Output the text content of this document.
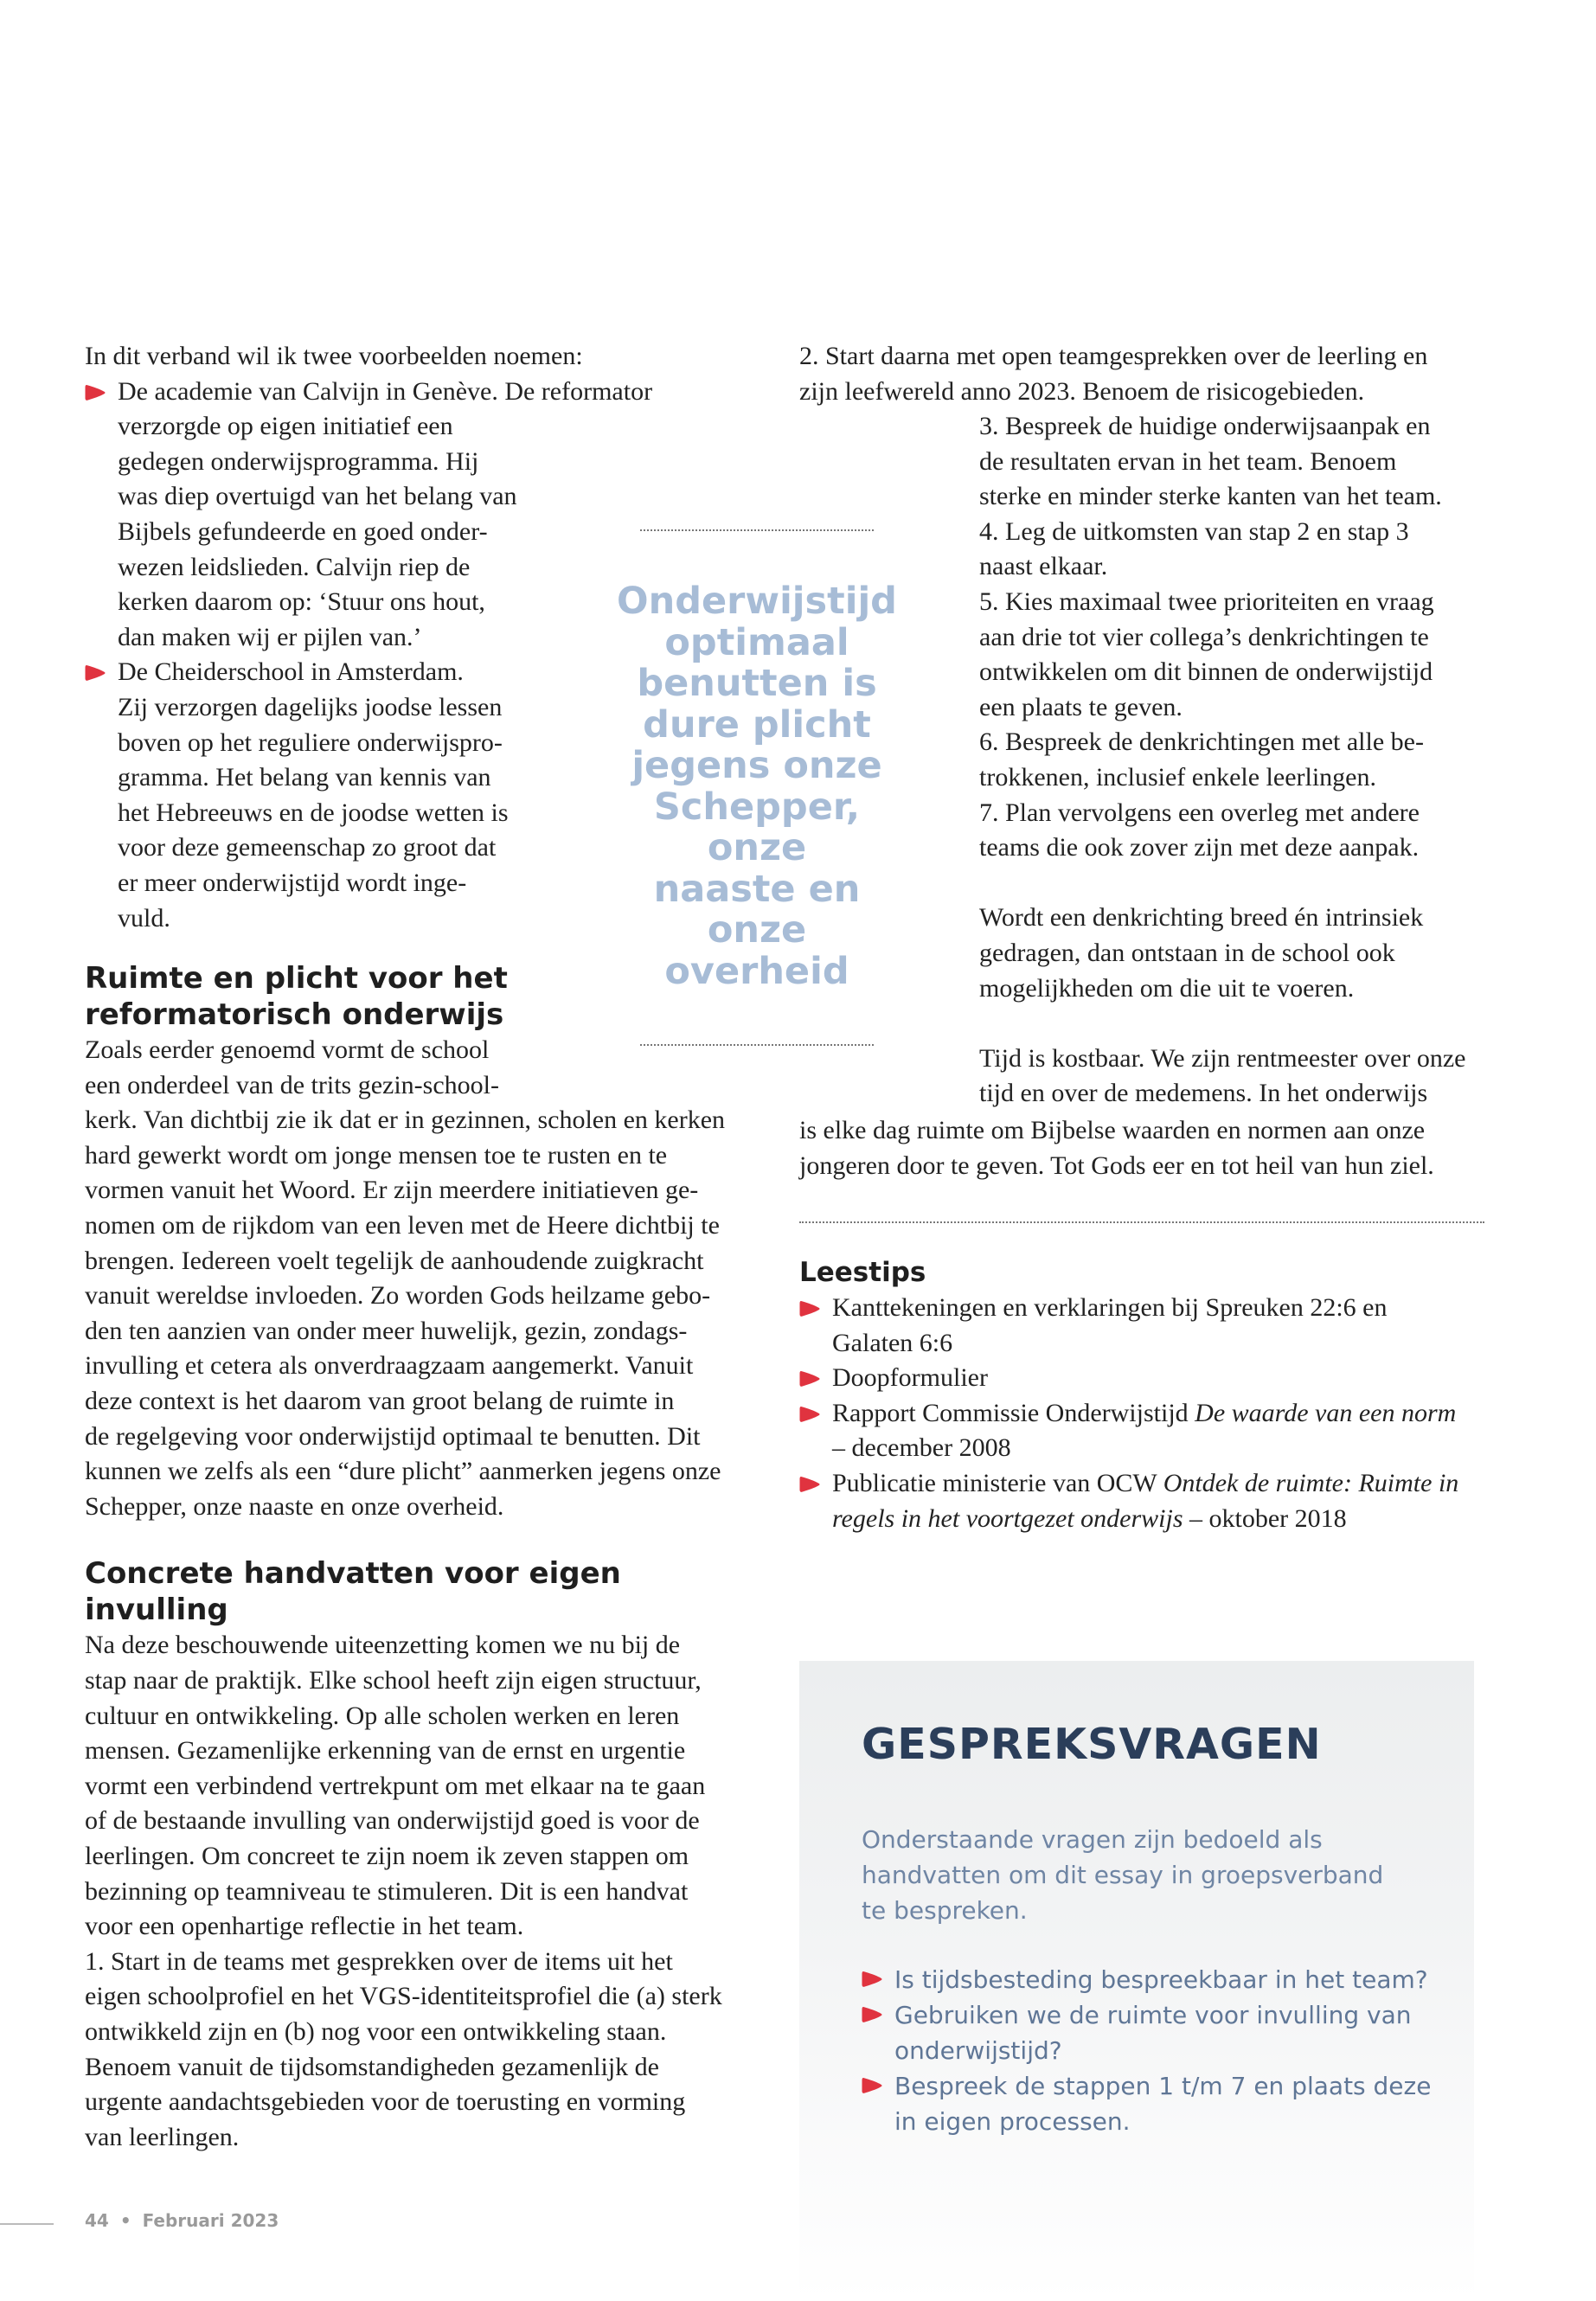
In dit verband wil ik twee voorbeelden noemen:

De academie van Calvijn in Genève. De reformator

verzorgde op eigen initiatief een

gedegen onderwijsprogramma. Hij

was diep overtuigd van het belang van

Bijbels gefundeerde en goed onder-

wezen leidslieden. Calvijn riep de

kerken daarom op: ‘Stuur ons hout,

dan maken wij er pijlen van.’

De Cheiderschool in Amsterdam.

Zij verzorgen dagelijks joodse lessen

boven op het reguliere onderwijspro-

gramma. Het belang van kennis van

het Hebreeuws en de joodse wetten is

voor deze gemeenschap zo groot dat

er meer onderwijstijd wordt inge-

vuld.

Ruimte en plicht voor het

reformatorisch onderwijs

Zoals eerder genoemd vormt de school

een onderdeel van de trits gezin-school-

kerk. Van dichtbij zie ik dat er in gezinnen, scholen en kerken

hard gewerkt wordt om jonge mensen toe te rusten en te

vormen vanuit het Woord. Er zijn meerdere initiatieven ge-

nomen om de rijkdom van een leven met de Heere dichtbij te

brengen. Iedereen voelt tegelijk de aanhoudende zuigkracht

vanuit wereldse invloeden. Zo worden Gods heilzame gebo-

den ten aanzien van onder meer huwelijk, gezin, zondags-

invulling et cetera als onverdraagzaam aangemerkt. Vanuit

deze context is het daarom van groot belang de ruimte in

de regelgeving voor onderwijstijd optimaal te benutten. Dit

kunnen we zelfs als een “dure plicht” aanmerken jegens onze

Schepper, onze naaste en onze overheid.

Concrete handvatten voor eigen invulling

Na deze beschouwende uiteenzetting komen we nu bij de

stap naar de praktijk. Elke school heeft zijn eigen structuur,

cultuur en ontwikkeling. Op alle scholen werken en leren

mensen. Gezamenlijke erkenning van de ernst en urgentie

vormt een verbindend vertrekpunt om met elkaar na te gaan

of de bestaande invulling van onderwijstijd goed is voor de

leerlingen. Om concreet te zijn noem ik zeven stappen om

bezinning op teamniveau te stimuleren. Dit is een handvat

voor een openhartige reflectie in het team.

1. Start in de teams met gesprekken over de items uit het

eigen schoolprofiel en het VGS-identiteitsprofiel die (a) sterk

ontwikkeld zijn en (b) nog voor een ontwikkeling staan.

Benoem vanuit de tijdsomstandigheden gezamenlijk de

urgente aandachtsgebieden voor de toerusting en vorming

van leerlingen.

Onderwijstijd
optimaal
benutten is
dure plicht
jegens onze
Schepper, onze
naaste en onze
overheid

2. Start daarna met open teamgesprekken over de leerling en

zijn leefwereld anno 2023. Benoem de risicogebieden.

3. Bespreek de huidige onderwijsaanpak en

de resultaten ervan in het team. Benoem

sterke en minder sterke kanten van het team.

4. Leg de uitkomsten van stap 2 en stap 3

naast elkaar.

5. Kies maximaal twee prioriteiten en vraag

aan drie tot vier collega’s denkrichtingen te

ontwikkelen om dit binnen de onderwijstijd

een plaats te geven.

6. Bespreek de denkrichtingen met alle be-

trokkenen, inclusief enkele leerlingen.

7. Plan vervolgens een overleg met andere

teams die ook zover zijn met deze aanpak.

Wordt een denkrichting breed én intrinsiek

gedragen, dan ontstaan in de school ook

mogelijkheden om die uit te voeren.

Tijd is kostbaar. We zijn rentmeester over onze

tijd en over de medemens. In het onderwijs

is elke dag ruimte om Bijbelse waarden en normen aan onze

jongeren door te geven. Tot Gods eer en tot heil van hun ziel.

Leestips

Kanttekeningen en verklaringen bij Spreuken 22:6 en

Galaten 6:6

Doopformulier

Rapport Commissie Onderwijstijd De waarde van een norm

– december 2008

Publicatie ministerie van OCW Ontdek de ruimte: Ruimte in

regels in het voortgezet onderwijs – oktober 2018

GESPREKSVRAGEN
Onderstaande vragen zijn bedoeld als
handvatten om dit essay in groepsverband
te bespreken.
Is tijdsbesteding bespreekbaar in het team?
Gebruiken we de ruimte voor invulling van
onderwijstijd?
Bespreek de stappen 1 t/m 7 en plaats deze
in eigen processen.
44 • Februari 2023
